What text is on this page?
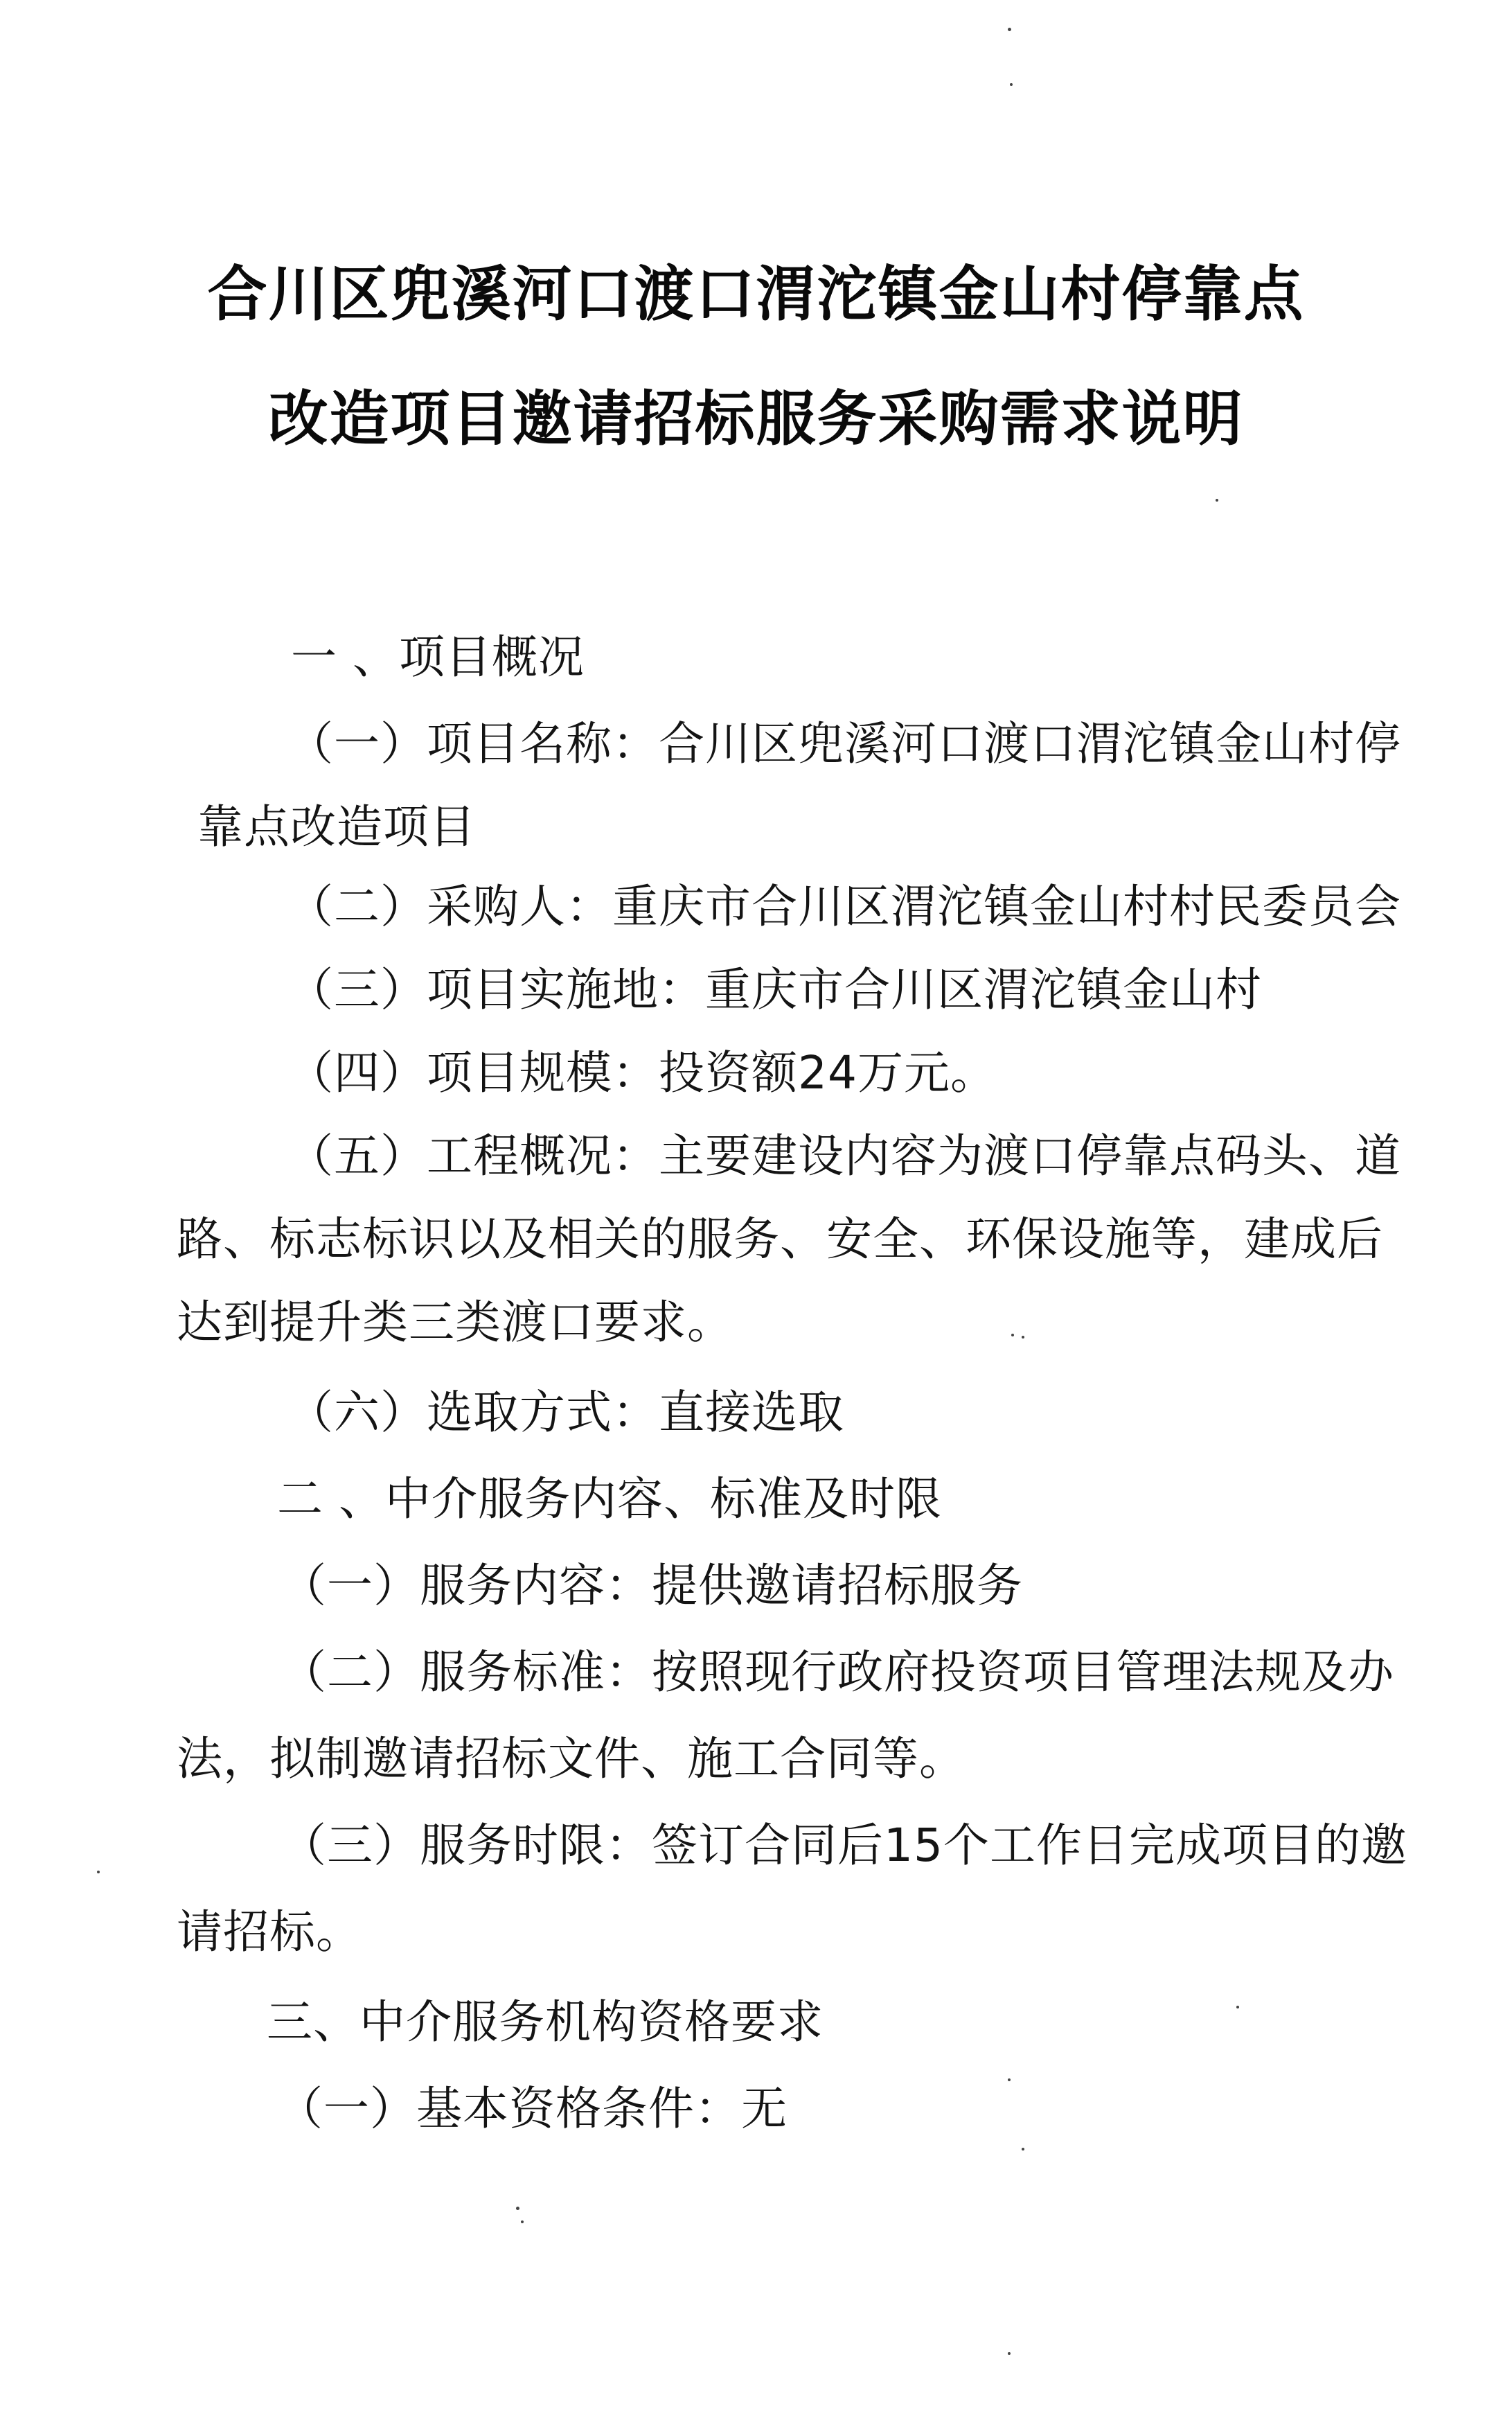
合川区兜溪河口渡口渭沱镇金山村停靠点
改造项目邀请招标服务采购需求说明
一 、项目概况
（一）项目名称：合川区兜溪河口渡口渭沱镇金山村停
靠点改造项目
（二）采购人：重庆市合川区渭沱镇金山村村民委员会
（三）项目实施地：重庆市合川区渭沱镇金山村
（四）项目规模：投资额24万元。
（五）工程概况：主要建设内容为渡口停靠点码头、道
路、标志标识以及相关的服务、安全、环保设施等，建成后
达到提升类三类渡口要求。
（六）选取方式：直接选取
二 、中介服务内容、标准及时限
（一）服务内容：提供邀请招标服务
（二）服务标准：按照现行政府投资项目管理法规及办
法，拟制邀请招标文件、施工合同等。
（三）服务时限：签订合同后15个工作日完成项目的邀
请招标。
三、中介服务机构资格要求
（一）基本资格条件：无
